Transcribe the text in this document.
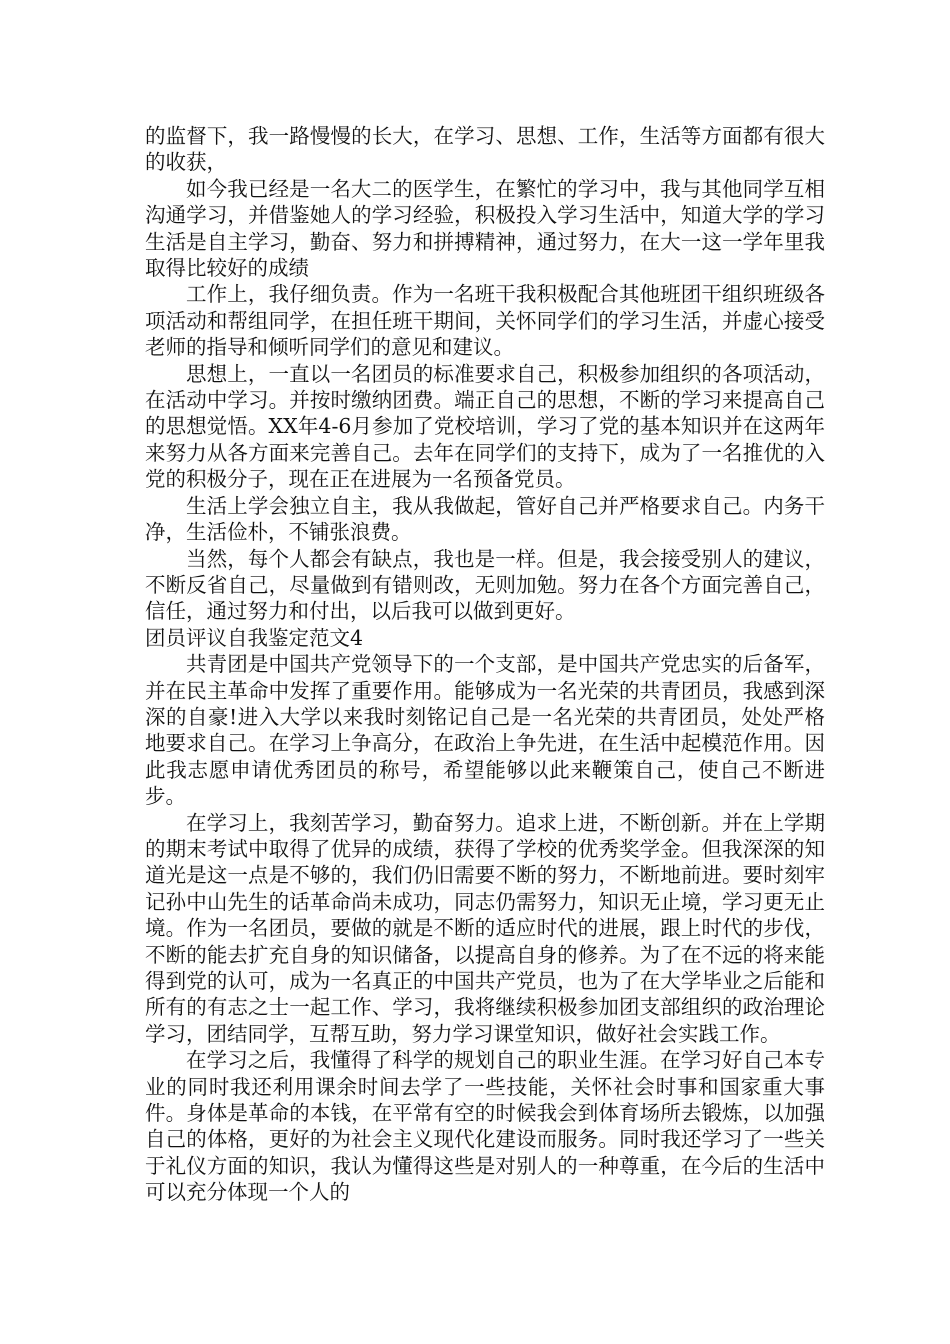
的监督下，我一路慢慢的长大，在学习、思想、工作，生活等方面都有很大的收获，

如今我已经是一名大二的医学生，在繁忙的学习中，我与其他同学互相沟通学习，并借鉴她人的学习经验，积极投入学习生活中，知道大学的学习生活是自主学习，勤奋、努力和拼搏精神，通过努力，在大一这一学年里我取得比较好的成绩

工作上，我仔细负责。作为一名班干我积极配合其他班团干组织班级各项活动和帮组同学，在担任班干期间，关怀同学们的学习生活，并虚心接受老师的指导和倾听同学们的意见和建议。

思想上，一直以一名团员的标准要求自己，积极参加组织的各项活动，在活动中学习。并按时缴纳团费。端正自己的思想，不断的学习来提高自己的思想觉悟。XX年4-6月参加了党校培训，学习了党的基本知识并在这两年来努力从各方面来完善自己。去年在同学们的支持下，成为了一名推优的入党的积极分子，现在正在进展为一名预备党员。

生活上学会独立自主，我从我做起，管好自己并严格要求自己。内务干净，生活俭朴，不铺张浪费。

当然，每个人都会有缺点，我也是一样。但是，我会接受别人的建议，不断反省自己，尽量做到有错则改，无则加勉。努力在各个方面完善自己，信任，通过努力和付出，以后我可以做到更好。

团员评议自我鉴定范文4

共青团是中国共产党领导下的一个支部，是中国共产党忠实的后备军，并在民主革命中发挥了重要作用。能够成为一名光荣的共青团员，我感到深深的自豪!进入大学以来我时刻铭记自己是一名光荣的共青团员，处处严格地要求自己。在学习上争高分，在政治上争先进，在生活中起模范作用。因此我志愿申请优秀团员的称号，希望能够以此来鞭策自己，使自己不断进步。

在学习上，我刻苦学习，勤奋努力。追求上进，不断创新。并在上学期的期末考试中取得了优异的成绩，获得了学校的优秀奖学金。但我深深的知道光是这一点是不够的，我们仍旧需要不断的努力，不断地前进。要时刻牢记孙中山先生的话革命尚未成功，同志仍需努力，知识无止境，学习更无止境。作为一名团员，要做的就是不断的适应时代的进展，跟上时代的步伐，不断的能去扩充自身的知识储备，以提高自身的修养。为了在不远的将来能得到党的认可，成为一名真正的中国共产党员，也为了在大学毕业之后能和所有的有志之士一起工作、学习，我将继续积极参加团支部组织的政治理论学习，团结同学，互帮互助，努力学习课堂知识，做好社会实践工作。

在学习之后，我懂得了科学的规划自己的职业生涯。在学习好自己本专业的同时我还利用课余时间去学了一些技能，关怀社会时事和国家重大事件。身体是革命的本钱，在平常有空的时候我会到体育场所去锻炼，以加强自己的体格，更好的为社会主义现代化建设而服务。同时我还学习了一些关于礼仪方面的知识，我认为懂得这些是对别人的一种尊重，在今后的生活中可以充分体现一个人的
